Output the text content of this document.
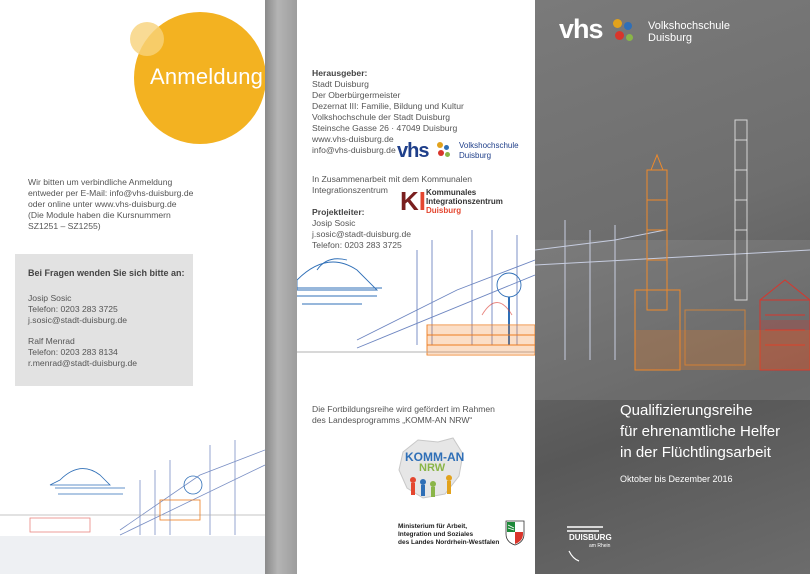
Anmeldung
Wir bitten um verbindliche Anmeldung
entweder per E-Mail: info@vhs-duisburg.de
oder online unter www.vhs-duisburg.de
(Die Module haben die Kursnummern
SZ1251 – SZ1255)
Bei Fragen wenden Sie sich bitte an:
Josip Sosic
Telefon: 0203 283 3725
j.sosic@stadt-duisburg.de
Ralf Menrad
Telefon: 0203 283 8134
r.menrad@stadt-duisburg.de
Herausgeber:
Stadt Duisburg
Der Oberbürgermeister
Dezernat III: Familie, Bildung und Kultur
Volkshochschule der Stadt Duisburg
Steinsche Gasse 26 · 47049 Duisburg
www.vhs-duisburg.de
info@vhs-duisburg.de vhs	Volkshochschule
Duisburg
In Zusammenarbeit mit dem Kommunalen Integrationszentrum KI Kommunales
Integrationszentrum
Duisburg
Projektleiter:
Josip Sosic
j.sosic@stadt-duisburg.de
Telefon: 0203 283 3725
Die Fortbildungsreihe wird gefördert im Rahmen
des Landesprogramms „KOMM-AN NRW“
KOMM-AN
NRW
Ministerium für Arbeit,
Integration und Soziales
des Landes Nordrhein-Westfalen
vhs	Volkshochschule
Duisburg
Qualifizierungsreihe
für ehrenamtliche Helfer
in der Flüchtlingsarbeit
Oktober bis Dezember 2016
DUISBURG
am Rhein
